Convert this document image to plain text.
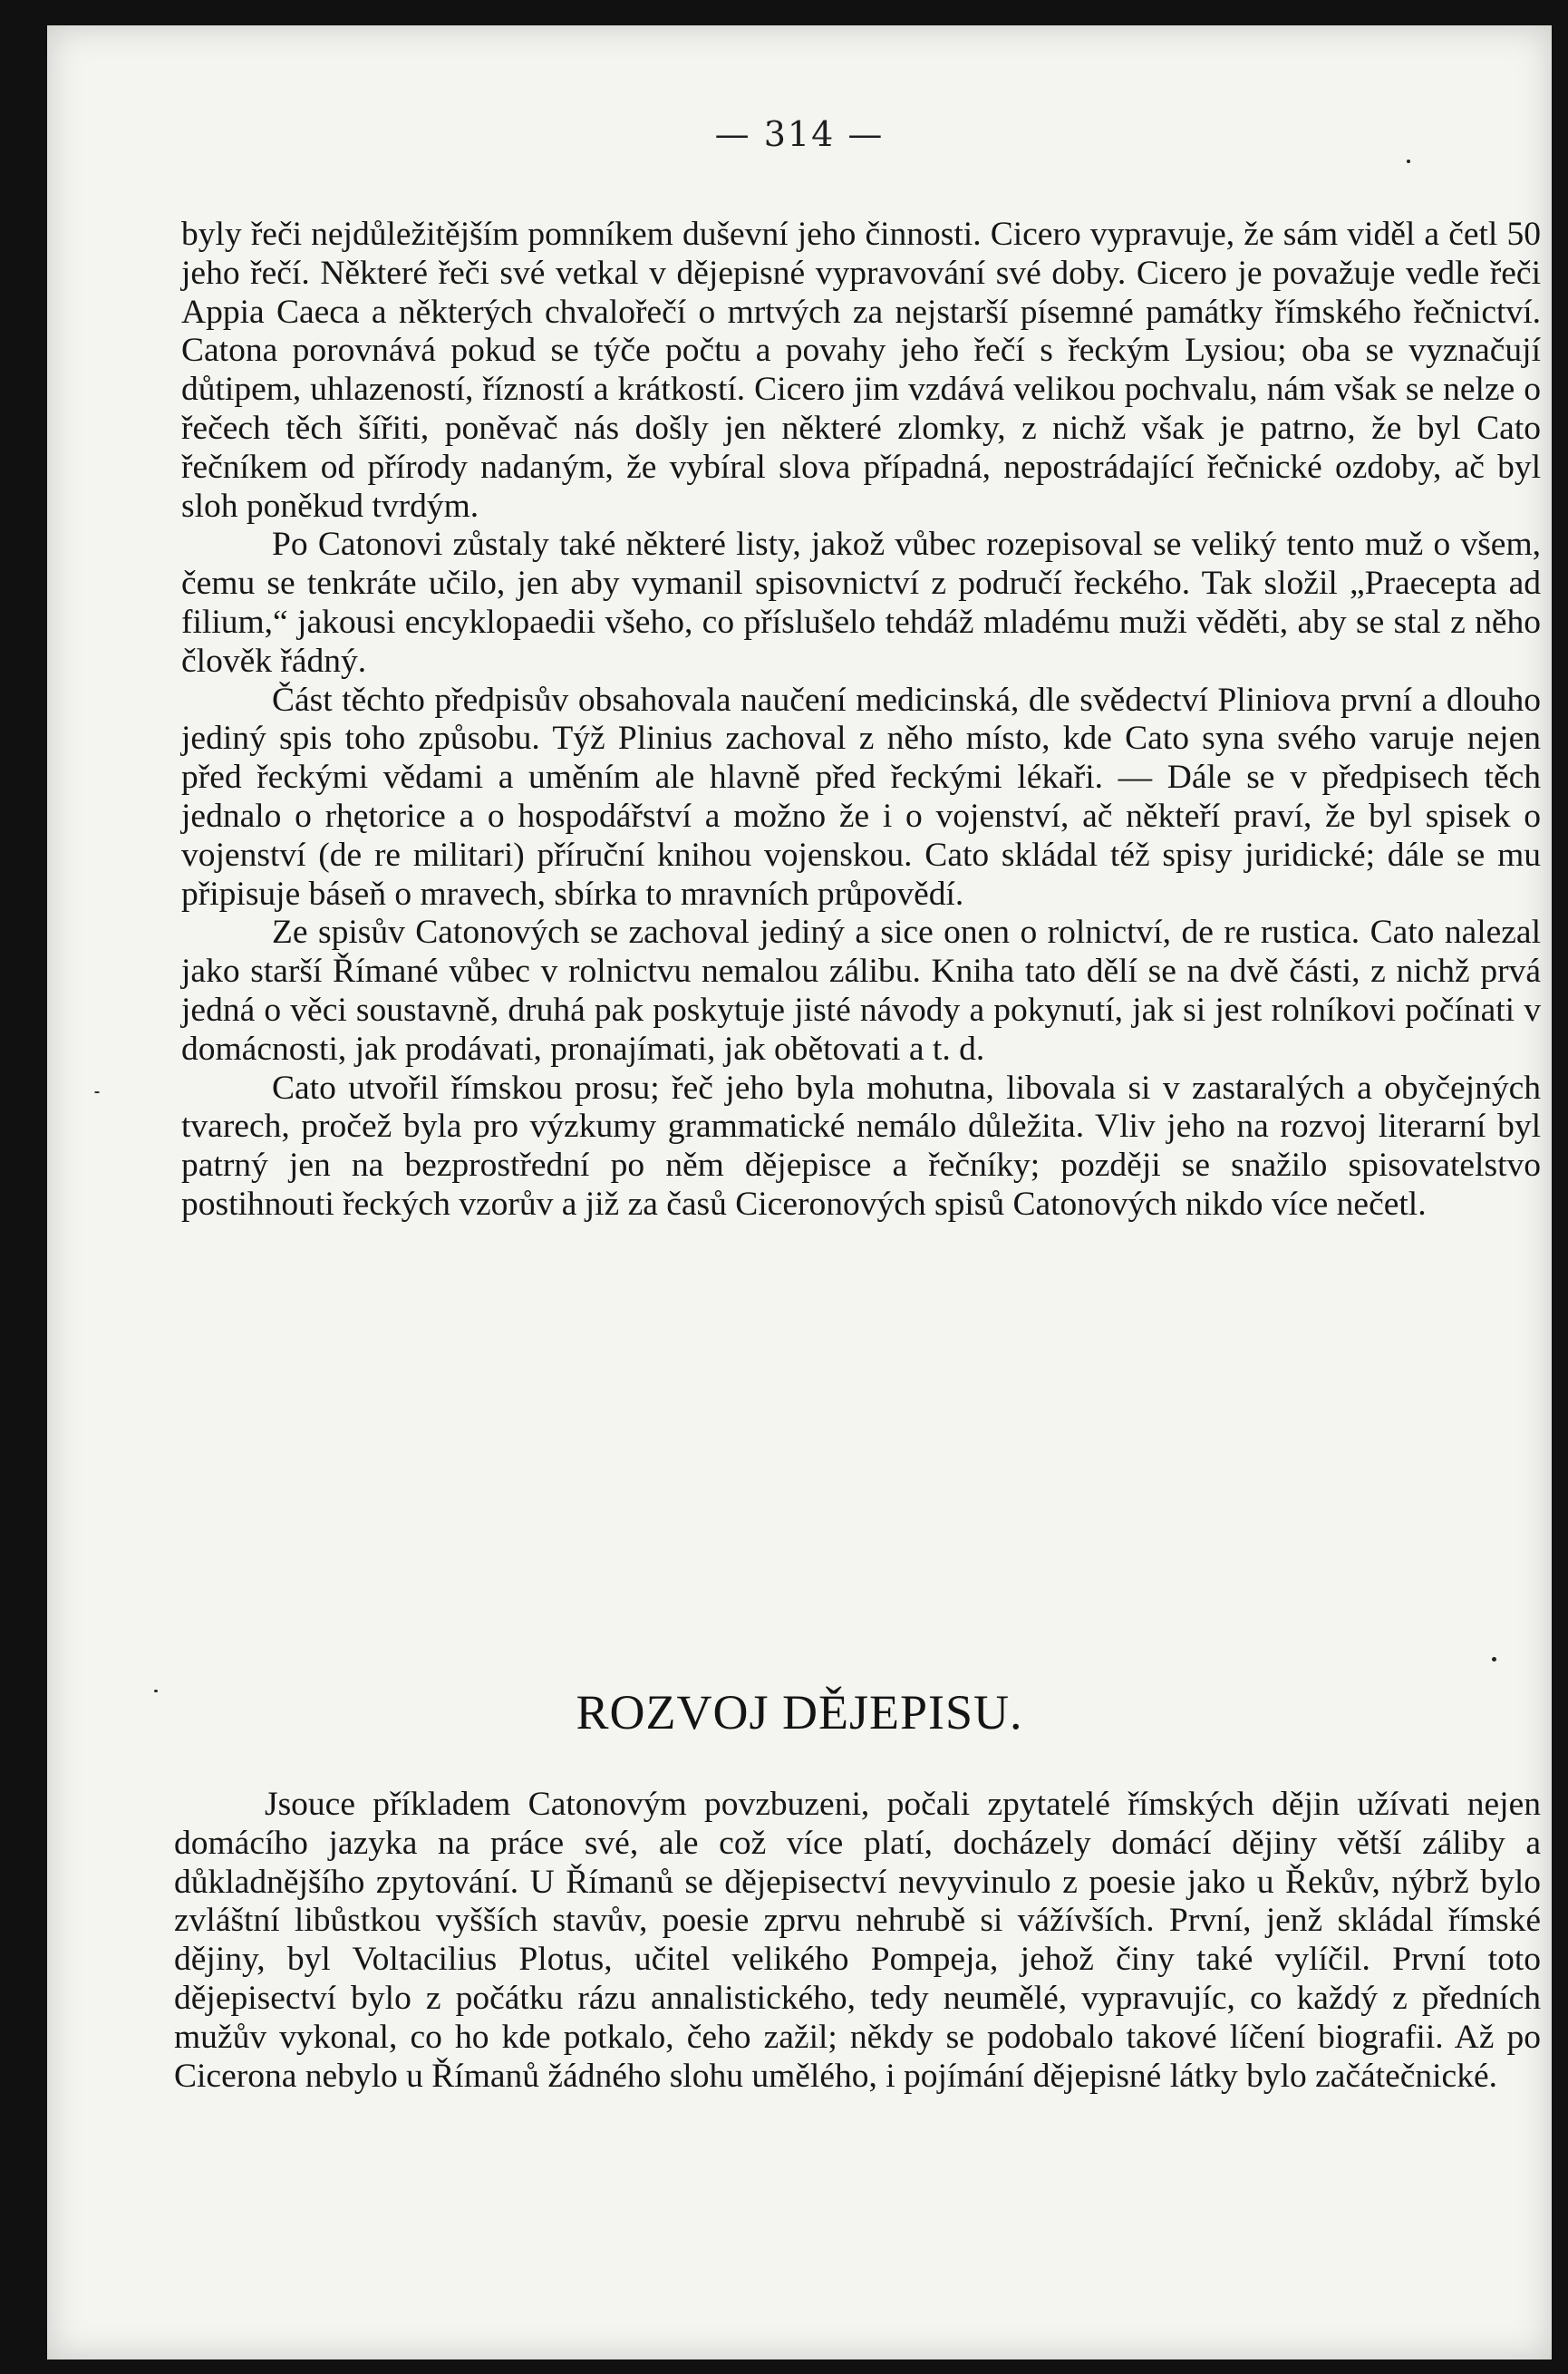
— 314 —

byly řeči nejdůležitějším pomníkem duševní jeho činnosti. Cicero vypravuje, že sám viděl a četl 50 jeho řečí. Některé řeči své vetkal v dějepisné vypravování své doby. Cicero je považuje vedle řeči Appia Caeca a některých chvalořečí o mrtvých za nejstarší písemné památky římského řečnictví. Catona porovnává pokud se týče počtu a povahy jeho řečí s řeckým Lysiou; oba se vyznačují důtipem, uhlazeností, řízností a krátkostí. Cicero jim vzdává velikou pochvalu, nám však se nelze o řečech těch šířiti, poněvač nás došly jen některé zlomky, z nichž však je patrno, že byl Cato řečníkem od přírody nadaným, že vybíral slova případná, nepostrádající řečnické ozdoby, ač byl sloh poněkud tvrdým.

Po Catonovi zůstaly také některé listy, jakož vůbec rozepisoval se veliký tento muž o všem, čemu se tenkráte učilo, jen aby vymanil spisovnictví z područí řeckého. Tak složil „Praecepta ad filium,“ jakousi encyklopaedii všeho, co příslušelo tehdáž mladému muži věděti, aby se stal z něho člověk řádný.

Část těchto předpisův obsahovala naučení medicinská, dle svědectví Pliniova první a dlouho jediný spis toho způsobu. Týž Plinius zachoval z něho místo, kde Cato syna svého varuje nejen před řeckými vědami a uměním ale hlavně před řeckými lékaři. — Dále se v předpisech těch jednalo o rhętorice a o hospodářství a možno že i o vojenství, ač někteří praví, že byl spisek o vojenství (de re militari) příruční knihou vojenskou. Cato skládal též spisy juridické; dále se mu připisuje báseň o mravech, sbírka to mravních průpovědí.

Ze spisův Catonových se zachoval jediný a sice onen o rolnictví, de re rustica. Cato nalezal jako starší Římané vůbec v rolnictvu nemalou zálibu. Kniha tato dělí se na dvě části, z nichž prvá jedná o věci soustavně, druhá pak poskytuje jisté návody a pokynutí, jak si jest rolníkovi počínati v domácnosti, jak prodávati, pronajímati, jak obětovati a t. d.

Cato utvořil římskou prosu; řeč jeho byla mohutna, libovala si v zastaralých a obyčejných tvarech, pročež byla pro výzkumy grammatické nemálo důležita. Vliv jeho na rozvoj literarní byl patrný jen na bezprostřední po něm dějepisce a řečníky; později se snažilo spisovatelstvo postihnouti řeckých vzorův a již za časů Ciceronových spisů Catonových nikdo více nečetl.

ROZVOJ DĚJEPISU.

Jsouce příkladem Catonovým povzbuzeni, počali zpytatelé římských dějin užívati nejen domácího jazyka na práce své, ale což více platí, docházely domácí dějiny větší záliby a důkladnějšího zpytování. U Římanů se dějepisectví nevyvinulo z poesie jako u Řekův, nýbrž bylo zvláštní libůstkou vyšších stavův, poesie zprvu nehrubě si vážívších. První, jenž skládal římské dějiny, byl Voltacilius Plotus, učitel velikého Pompeja, jehož činy také vylíčil. První toto dějepisectví bylo z počátku rázu annalistického, tedy neumělé, vypravujíc, co každý z předních mužův vykonal, co ho kde potkalo, čeho zažil; někdy se podobalo takové líčení biografii. Až po Cicerona nebylo u Římanů žádného slohu umělého, i pojímání dějepisné látky bylo začátečnické.
